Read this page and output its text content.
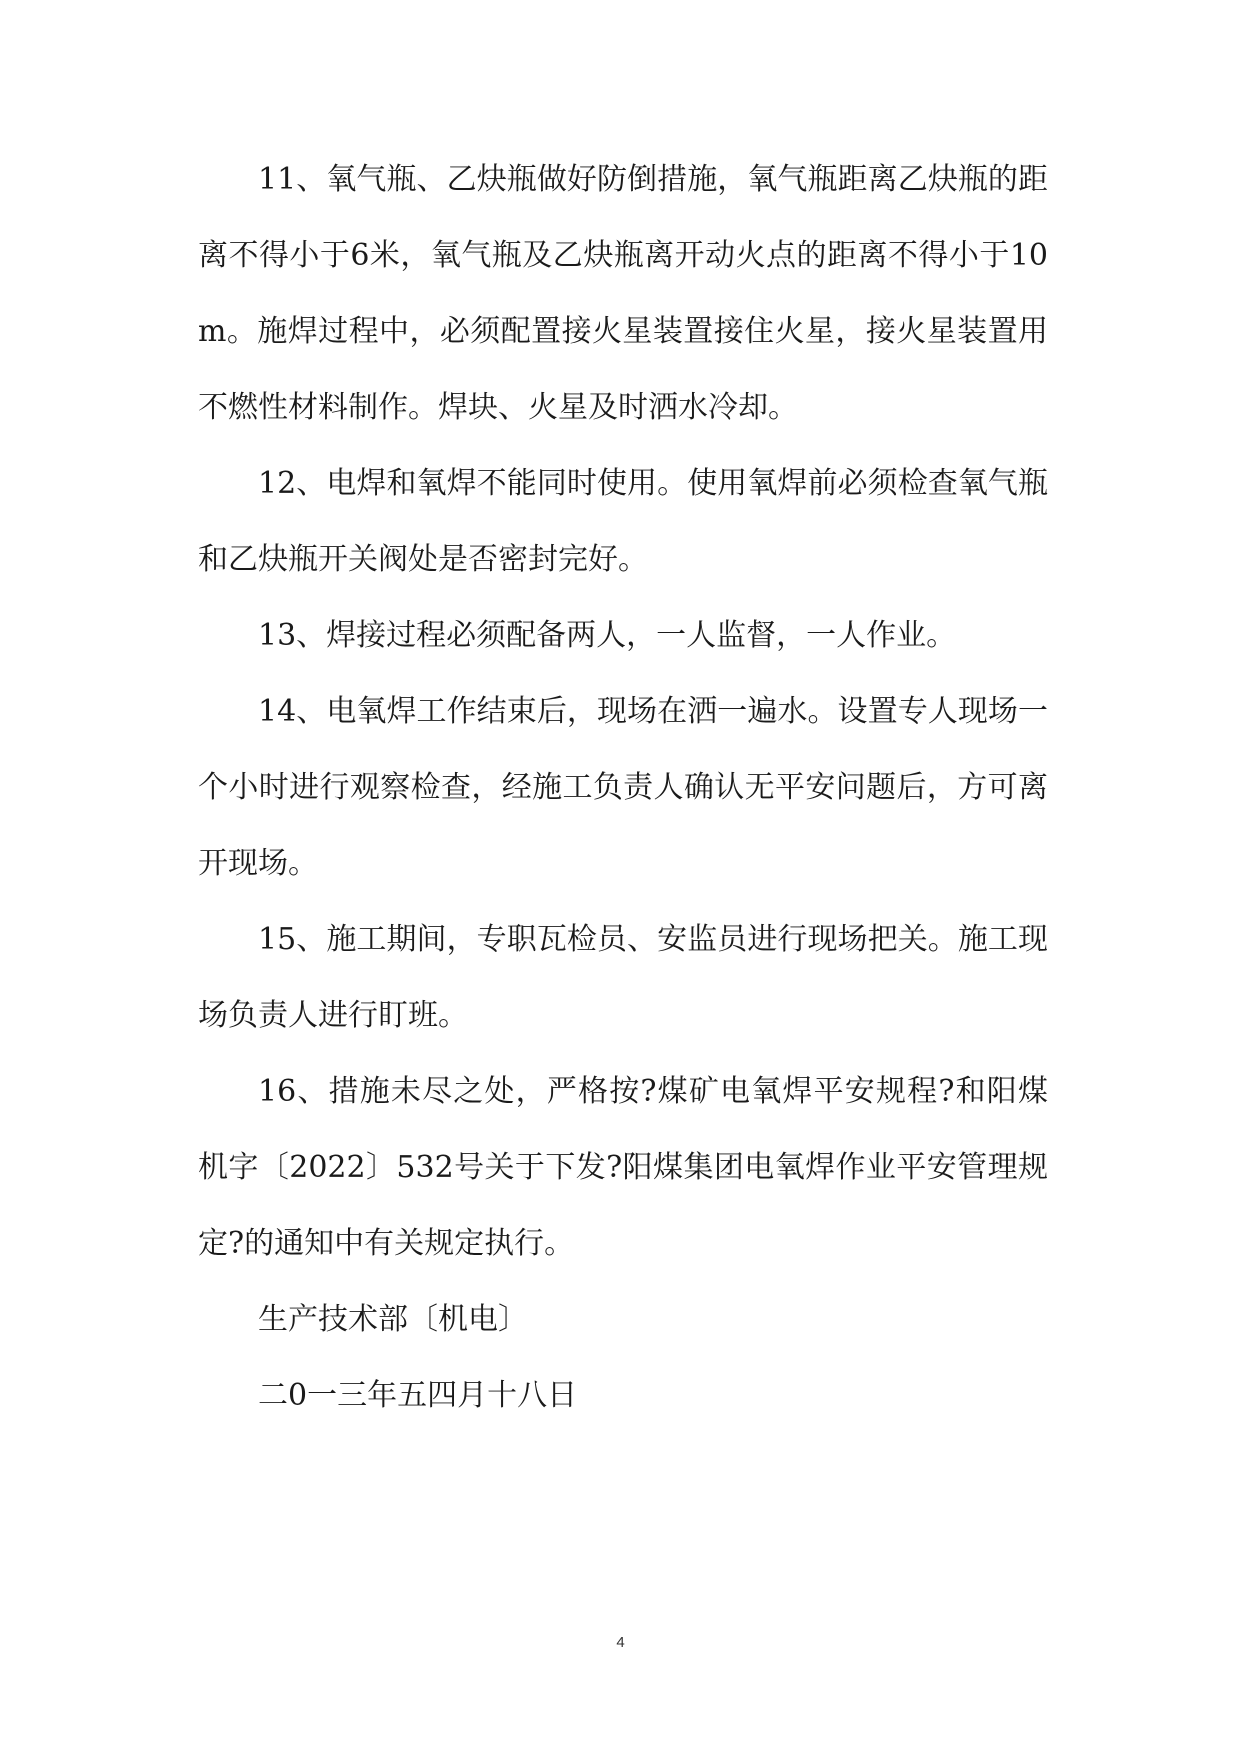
11、氧气瓶、乙炔瓶做好防倒措施，氧气瓶距离乙炔瓶的距离不得小于6米，氧气瓶及乙炔瓶离开动火点的距离不得小于10m。施焊过程中，必须配置接火星装置接住火星，接火星装置用不燃性材料制作。焊块、火星及时洒水冷却。

12、电焊和氧焊不能同时使用。使用氧焊前必须检查氧气瓶和乙炔瓶开关阀处是否密封完好。

13、焊接过程必须配备两人，一人监督，一人作业。

14、电氧焊工作结束后，现场在洒一遍水。设置专人现场一个小时进行观察检查，经施工负责人确认无平安问题后，方可离开现场。

15、施工期间，专职瓦检员、安监员进行现场把关。施工现场负责人进行盯班。

16、措施未尽之处，严格按?煤矿电氧焊平安规程?和阳煤机字〔2022〕532号关于下发?阳煤集团电氧焊作业平安管理规定?的通知中有关规定执行。

生产技术部〔机电〕

二0一三年五四月十八日

4
